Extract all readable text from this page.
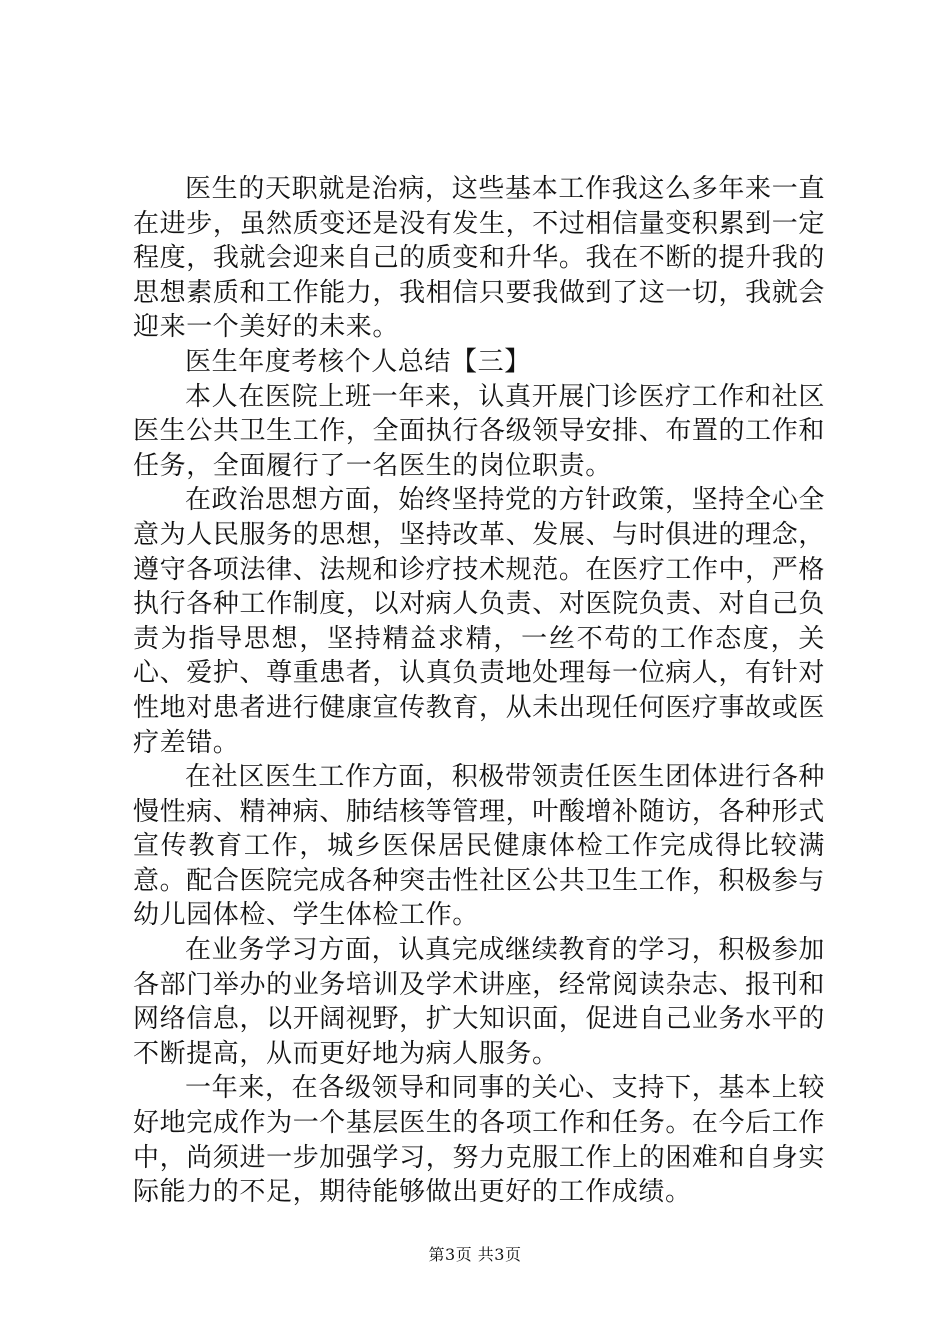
医生的天职就是治病，这些基本工作我这么多年来一直在进步，虽然质变还是没有发生，不过相信量变积累到一定程度，我就会迎来自己的质变和升华。我在不断的提升我的思想素质和工作能力，我相信只要我做到了这一切，我就会迎来一个美好的未来。

医生年度考核个人总结【三】

本人在医院上班一年来，认真开展门诊医疗工作和社区医生公共卫生工作，全面执行各级领导安排、布置的工作和任务，全面履行了一名医生的岗位职责。

在政治思想方面，始终坚持党的方针政策，坚持全心全意为人民服务的思想，坚持改革、发展、与时俱进的理念，遵守各项法律、法规和诊疗技术规范。在医疗工作中，严格执行各种工作制度，以对病人负责、对医院负责、对自己负责为指导思想，坚持精益求精，一丝不苟的工作态度，关心、爱护、尊重患者，认真负责地处理每一位病人，有针对性地对患者进行健康宣传教育，从未出现任何医疗事故或医疗差错。

在社区医生工作方面，积极带领责任医生团体进行各种慢性病、精神病、肺结核等管理，叶酸增补随访，各种形式宣传教育工作，城乡医保居民健康体检工作完成得比较满意。配合医院完成各种突击性社区公共卫生工作，积极参与幼儿园体检、学生体检工作。

在业务学习方面，认真完成继续教育的学习，积极参加各部门举办的业务培训及学术讲座，经常阅读杂志、报刊和网络信息，以开阔视野，扩大知识面，促进自己业务水平的不断提高，从而更好地为病人服务。

一年来，在各级领导和同事的关心、支持下，基本上较好地完成作为一个基层医生的各项工作和任务。在今后工作中，尚须进一步加强学习，努力克服工作上的困难和自身实际能力的不足，期待能够做出更好的工作成绩。

第3页 共3页
